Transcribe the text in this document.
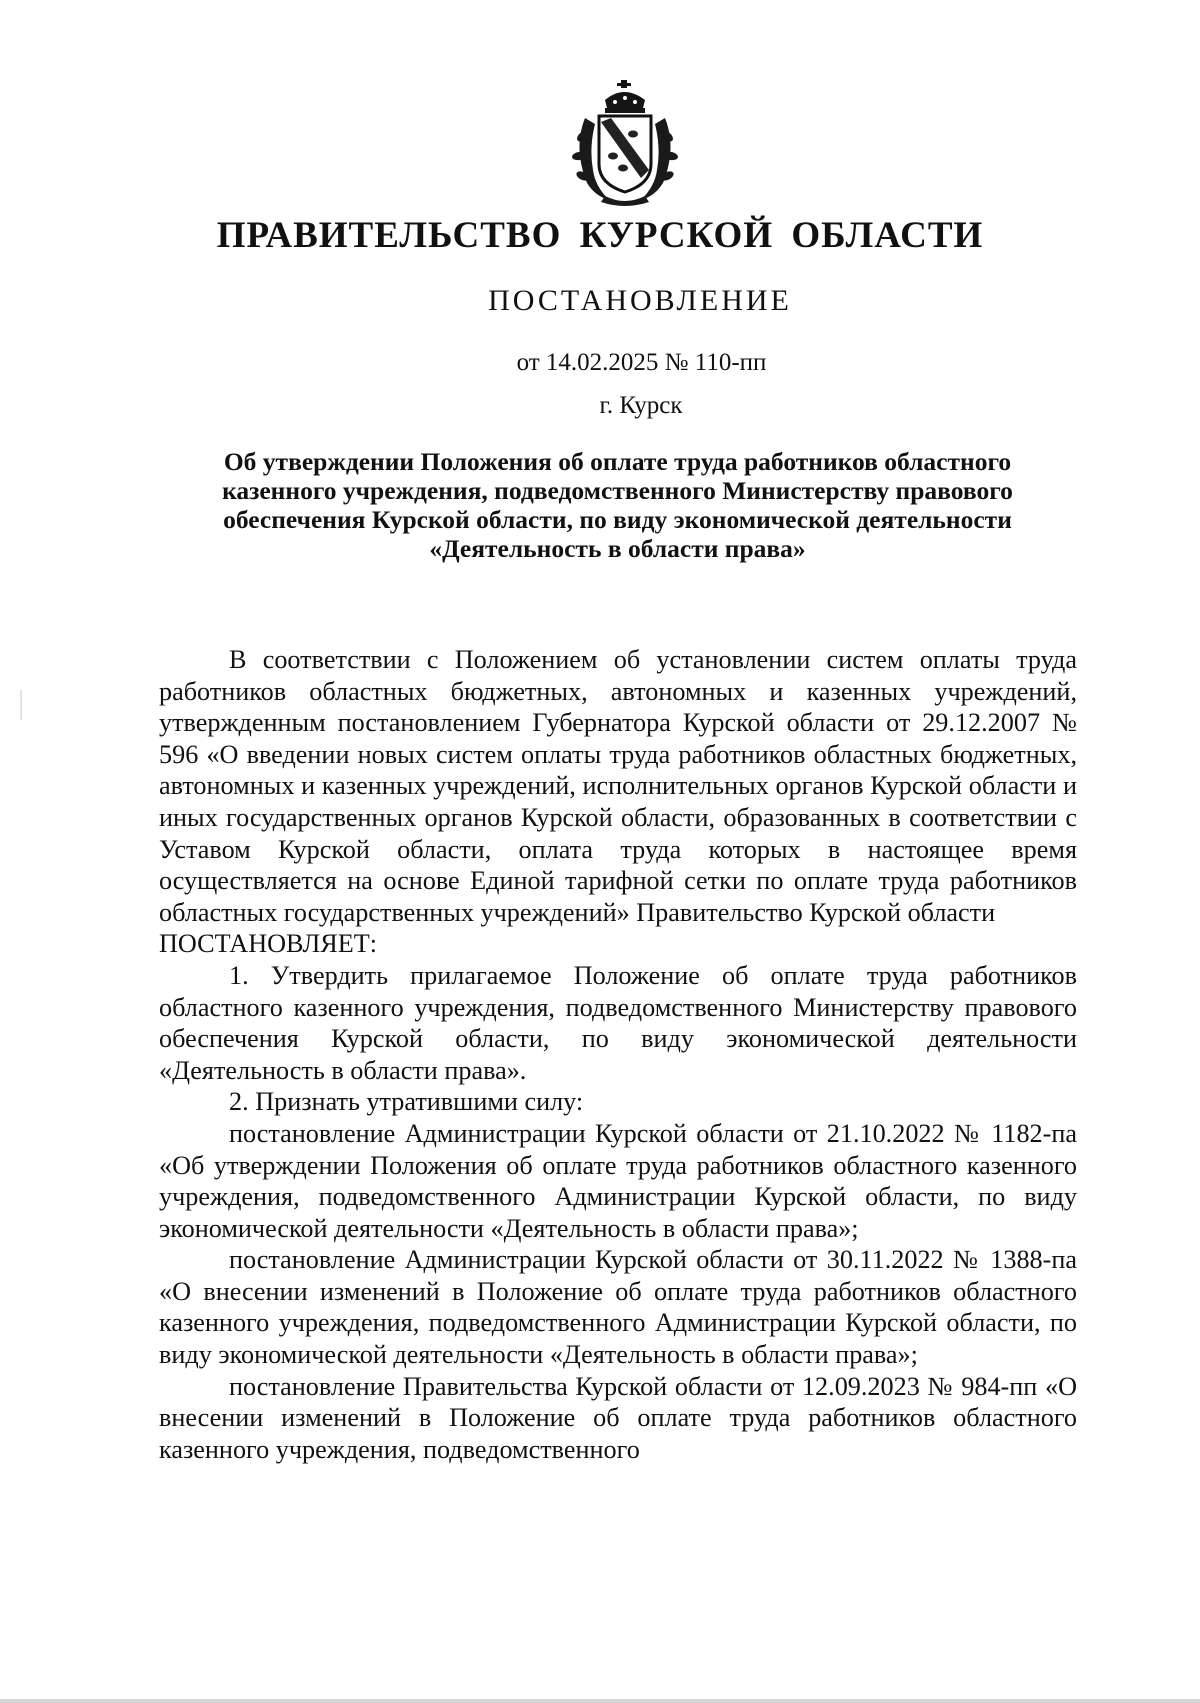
ПРАВИТЕЛЬСТВО КУРСКОЙ ОБЛАСТИ
ПОСТАНОВЛЕНИЕ
от 14.02.2025 № 110-пп
г. Курск
Об утверждении Положения об оплате труда работников областного
казенного учреждения, подведомственного Министерству правового
обеспечения Курской области, по виду экономической деятельности
«Деятельность в области права»

В соответствии с Положением об установлении систем оплаты труда работников областных бюджетных, автономных и казенных учреждений, утвержденным постановлением Губернатора Курской области от 29.12.2007 № 596 «О введении новых систем оплаты труда работников областных бюджетных, автономных и казенных учреждений, исполнительных органов Курской области и иных государственных органов Курской области, образованных в соответствии с Уставом Курской области, оплата труда которых в настоящее время осуществляется на основе Единой тарифной сетки по оплате труда работников областных государственных учреждений» Правительство Курской области

ПОСТАНОВЛЯЕТ:

1. Утвердить прилагаемое Положение об оплате труда работников областного казенного учреждения, подведомственного Министерству правового обеспечения Курской области, по виду экономической деятельности «Деятельность в области права».

2. Признать утратившими силу:

постановление Администрации Курской области от 21.10.2022 № 1182-па «Об утверждении Положения об оплате труда работников областного казенного учреждения, подведомственного Администрации Курской области, по виду экономической деятельности «Деятельность в области права»;

постановление Администрации Курской области от 30.11.2022 № 1388-па «О внесении изменений в Положение об оплате труда работников областного казенного учреждения, подведомственного Администрации Курской области, по виду экономической деятельности «Деятельность в области права»;

постановление Правительства Курской области от 12.09.2023 № 984-пп «О внесении изменений в Положение об оплате труда работников областного казенного учреждения, подведомственного
